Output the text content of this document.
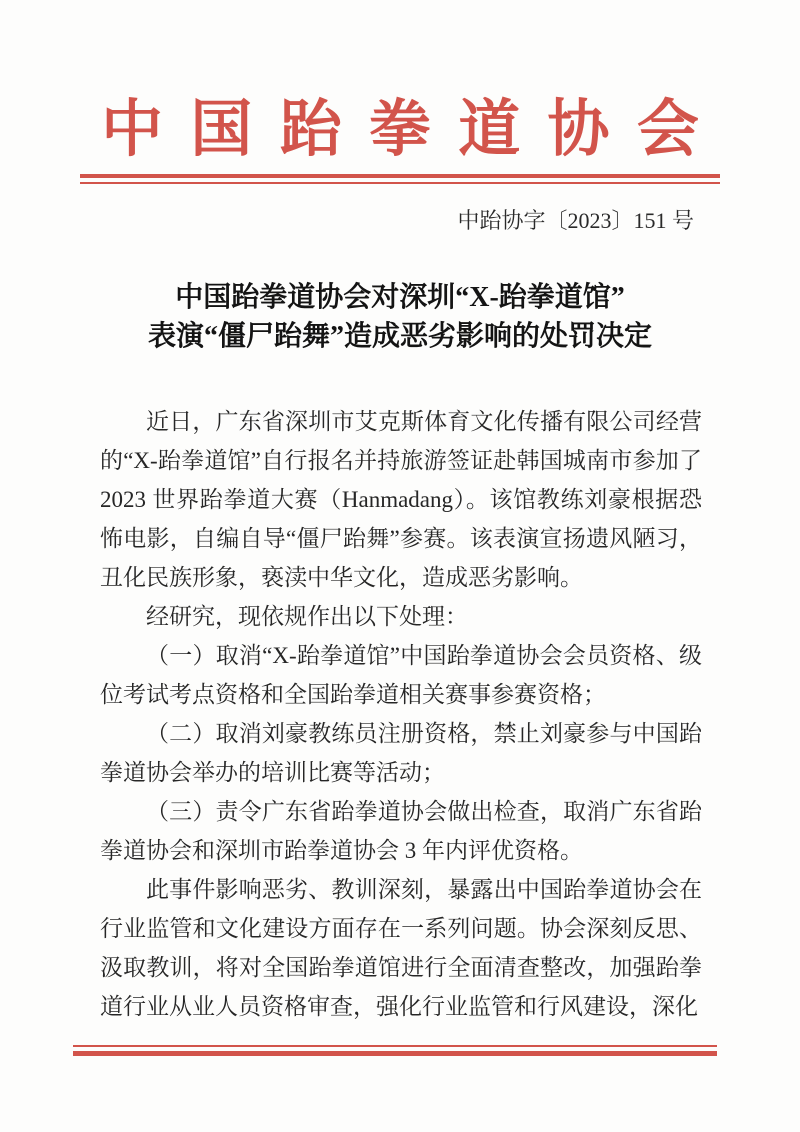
中国跆拳道协会
中跆协字〔2023〕151 号
中国跆拳道协会对深圳“X-跆拳道馆”
表演“僵尸跆舞”造成恶劣影响的处罚决定

近日，广东省深圳市艾克斯体育文化传播有限公司经营的“X-跆拳道馆”自行报名并持旅游签证赴韩国城南市参加了 2023 世界跆拳道大赛（Hanmadang）。该馆教练刘豪根据恐怖电影，自编自导“僵尸跆舞”参赛。该表演宣扬遗风陋习，丑化民族形象，亵渎中华文化，造成恶劣影响。

经研究，现依规作出以下处理：

（一）取消“X-跆拳道馆”中国跆拳道协会会员资格、级位考试考点资格和全国跆拳道相关赛事参赛资格；

（二）取消刘豪教练员注册资格，禁止刘豪参与中国跆拳道协会举办的培训比赛等活动；

（三）责令广东省跆拳道协会做出检查，取消广东省跆拳道协会和深圳市跆拳道协会 3 年内评优资格。

此事件影响恶劣、教训深刻，暴露出中国跆拳道协会在行业监管和文化建设方面存在一系列问题。协会深刻反思、汲取教训，将对全国跆拳道馆进行全面清查整改，加强跆拳道行业从业人员资格审查，强化行业监管和行风建设，深化
